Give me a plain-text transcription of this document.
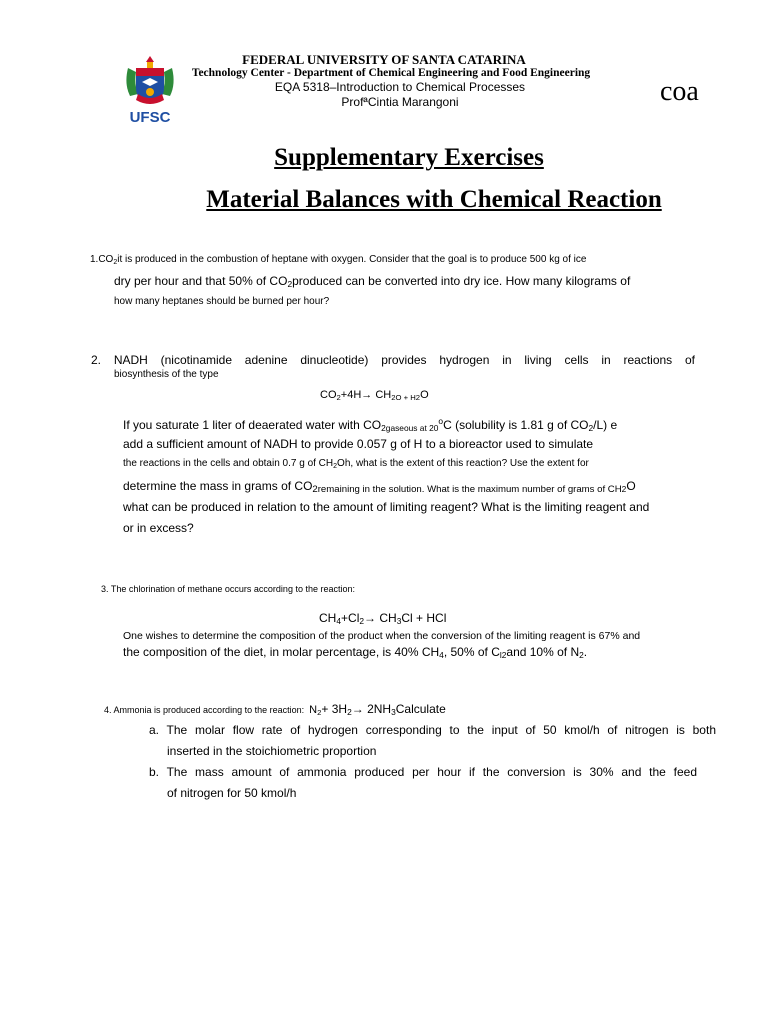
UFSC
FEDERAL UNIVERSITY OF SANTA CATARINA
Technology Center - Department of Chemical Engineering and Food Engineering
EQA 5318–Introduction to Chemical Processes
ProfªCintia Marangoni	coa
Supplementary Exercises
Material Balances with Chemical Reaction
$1.CO_2it$ is produced in the combustion of heptane with oxygen. Consider that the goal is to produce 500 kg of ice
dry per hour and that 50% of $CO_2produced$ can be converted into dry ice. How many kilograms of
how many heptanes should be burned per hour?
2. NADH (nicotinamide adenine dinucleotide) provides hydrogen in living cells in reactions of
biosynthesis of the type
$CO_2+4H\to CH_{2O + H2}O$
If you saturate 1 liter of deaerated water with $CO_{2gaseous at 20}^oC$ (solubility is 1.81 g of $CO_2/L$) e
add a sufficient amount of NADH to provide 0.057 g of H to a bioreactor used to simulate
the reactions in the cells and obtain 0.7 g of $CH_2Oh$, what is the extent of this reaction? Use the extent for
determine the mass in grams of $CO_{2remaining in the solution. What is the maximum number of grams of CH2}O$
what can be produced in relation to the amount of limiting reagent? What is the limiting reagent and
or in excess?
3. The chlorination of methane occurs according to the reaction:
$CH_4+Cl_2\to CH_3Cl$ + HCl
One wishes to determine the composition of the product when the conversion of the limiting reagent is 67% and
the composition of the diet, in molar percentage, is 40% $CH_4$, 50% of $C_{l2}and$ 10% of $N_2$.
4. Ammonia is produced according to the reaction: $N_2+ 3H_2\to$ $2NH_3Calculate$
a. The molar flow rate of hydrogen corresponding to the input of 50 kmol/h of nitrogen is both
inserted in the stoichiometric proportion
b. The mass amount of ammonia produced per hour if the conversion is 30% and the feed
of nitrogen for 50 kmol/h
